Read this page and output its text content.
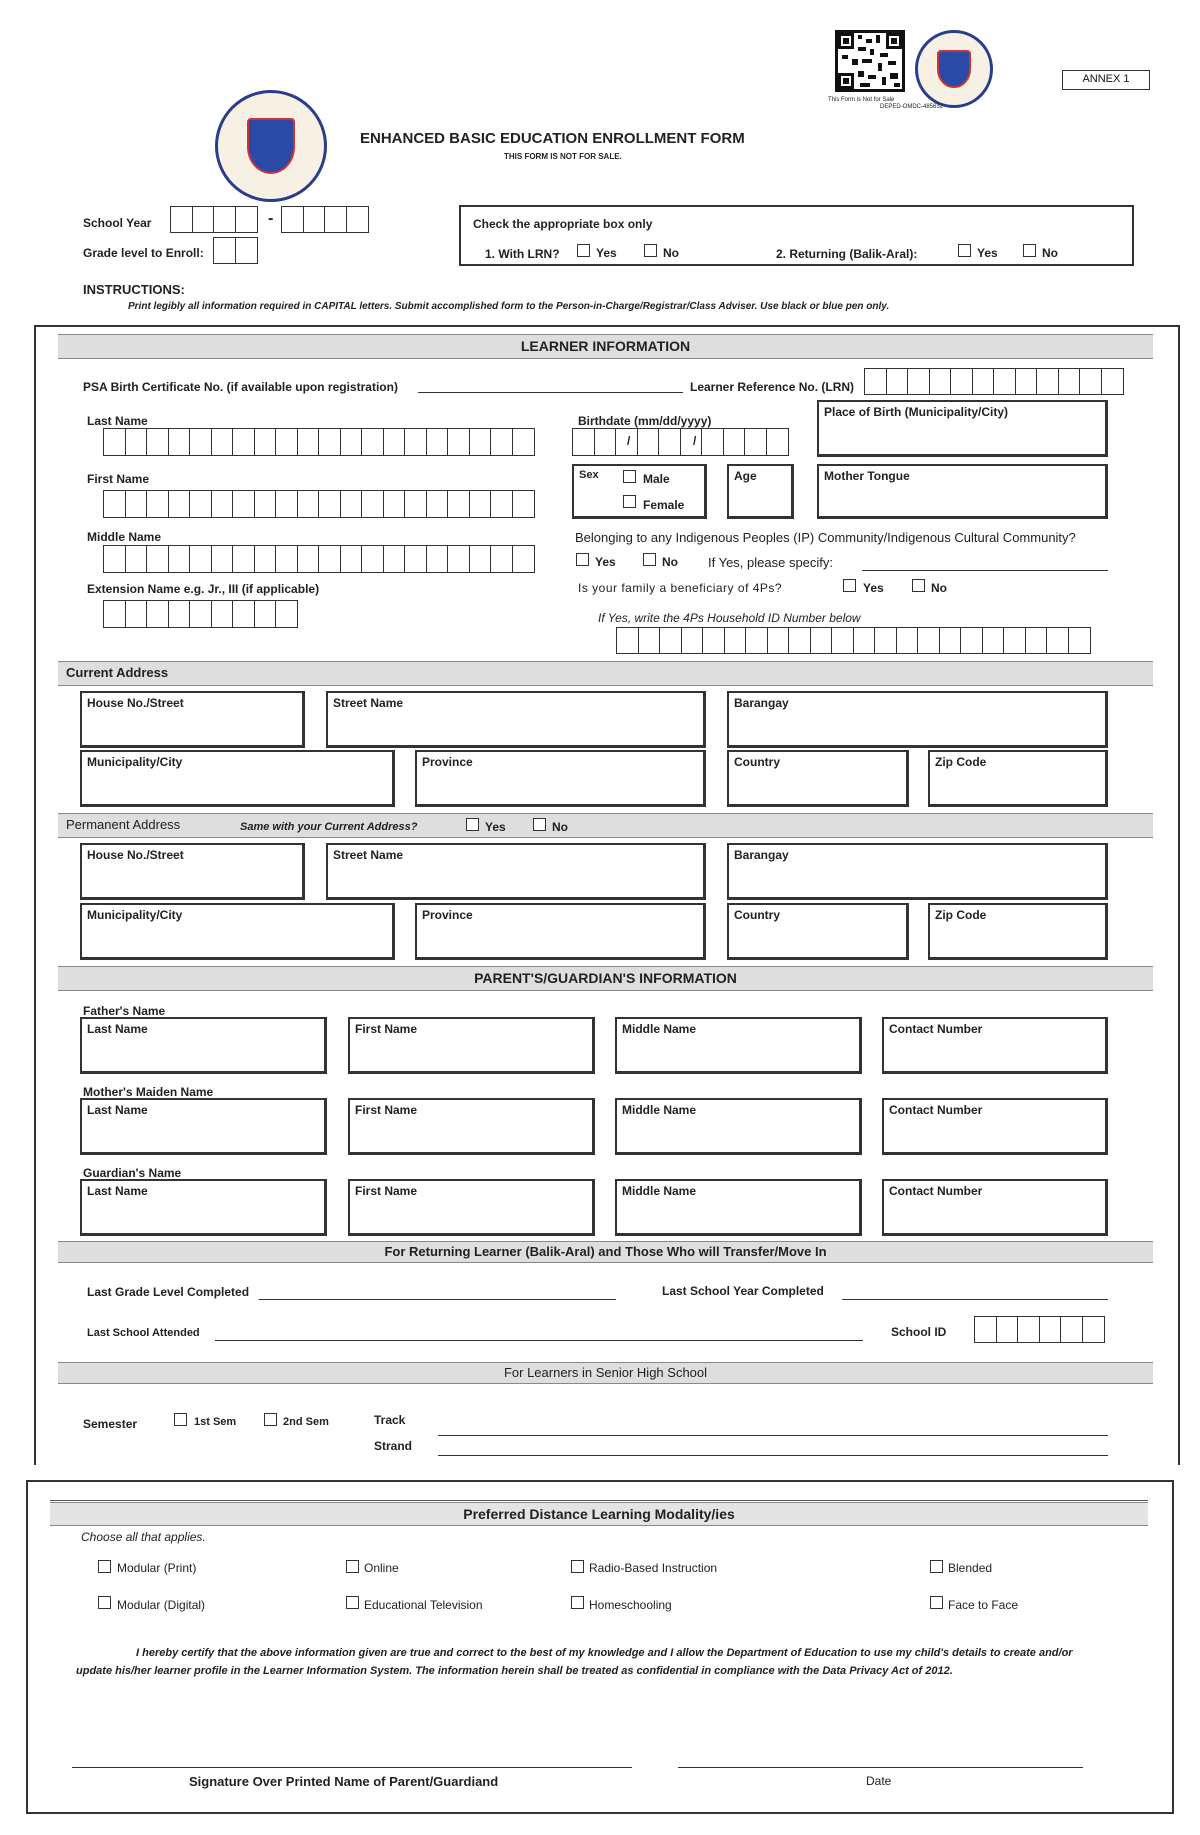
This Form is Not for Sale
DEPED-OMDC-485632
ANNEX 1
ENHANCED BASIC EDUCATION ENROLLMENT FORM
THIS FORM IS NOT FOR SALE.
School Year	-
Grade level to Enroll:
Check the appropriate box only
1. With LRN?	Yes	No	2. Returning (Balik-Aral):	Yes	No
INSTRUCTIONS:
Print legibly all information required in CAPITAL letters. Submit accomplished form to the Person-in-Charge/Registrar/Class Adviser. Use black or blue pen only.
LEARNER INFORMATION
PSA Birth Certificate No. (if available upon registration)	Learner Reference No. (LRN)
Last Name
First Name
Middle Name
Extension Name e.g. Jr., III (if applicable)
Birthdate (mm/dd/yyyy)
/	/
Place of Birth (Municipality/City)
Sex	Male
Female
Age	Mother Tongue
Belonging to any Indigenous Peoples (IP) Community/Indigenous Cultural Community?
Yes	No If Yes, please specify:
Is your family a beneficiary of 4Ps?	Yes	No
If Yes, write the 4Ps Household ID Number below
Current Address
House No./Street	Street Name	Barangay
Municipality/City	Province	Country	Zip Code
Permanent Address	Same with your Current Address?	Yes	No
House No./Street	Street Name	Barangay
Municipality/City	Province	Country	Zip Code
PARENT'S/GUARDIAN'S INFORMATION
Father's Name
Last Name	First Name	Middle Name	Contact Number
Mother's Maiden Name
Last Name	First Name	Middle Name	Contact Number
Guardian's Name
Last Name	First Name	Middle Name	Contact Number
For Returning Learner (Balik-Aral) and Those Who will Transfer/Move In
Last Grade Level Completed	Last School Year Completed
Last School Attended	School ID
For Learners in Senior High School
Semester	1st Sem	2nd Sem	Track
Strand
Preferred Distance Learning Modality/ies
Choose all that applies.
Modular (Print)	Online	Radio-Based Instruction	Blended
Modular (Digital)	Educational Television	Homeschooling	Face to Face
I hereby certify that the above information given are true and correct to the best of my knowledge and I allow the Department of Education to use my child's details to create and/or update his/her learner profile in the Learner Information System. The information herein shall be treated as confidential in compliance with the Data Privacy Act of 2012.
Signature Over Printed Name of Parent/Guardiand	Date
